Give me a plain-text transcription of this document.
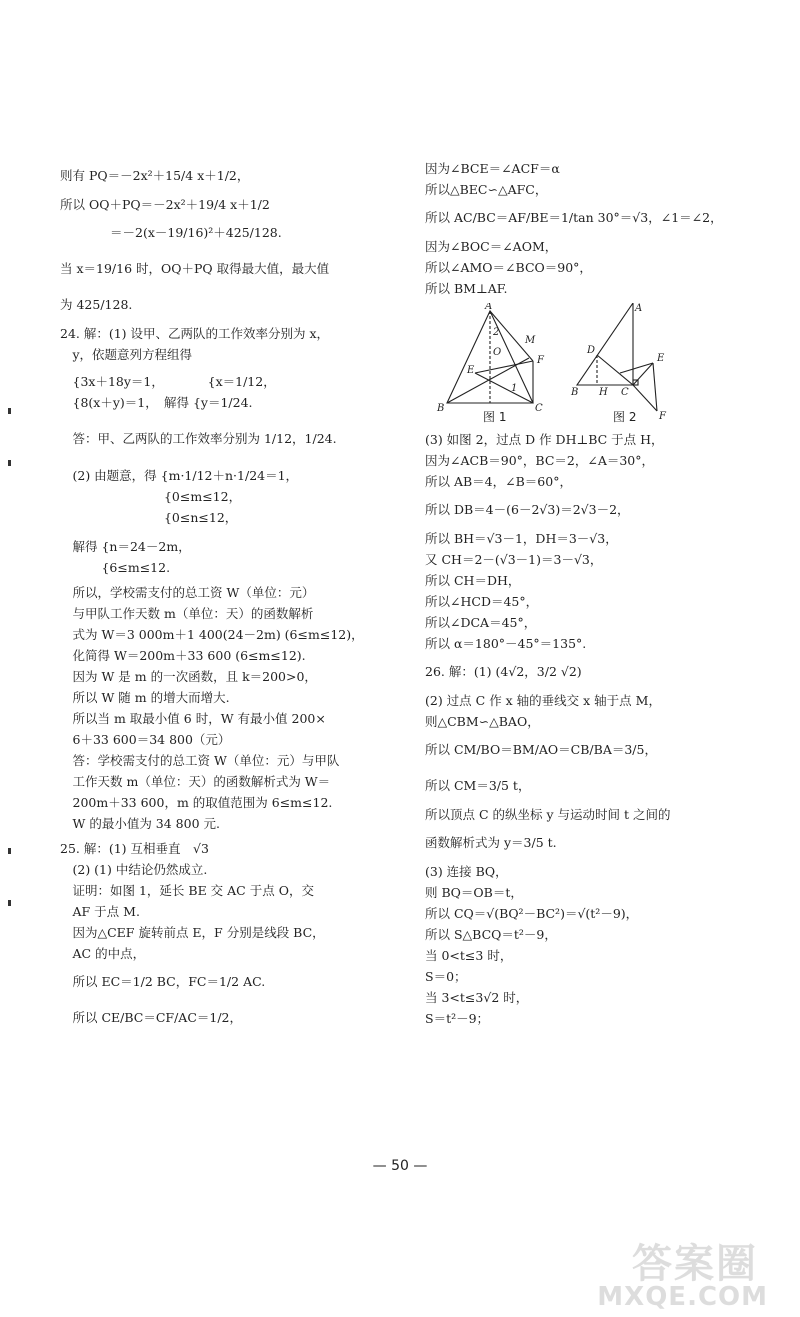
则有 PQ＝－2x²＋15/4 x＋1/2，
所以 OQ＋PQ＝－2x²＋19/4 x＋1/2
　　　　＝－2(x－19/16)²＋425/128.
当 x＝19/16 时，OQ＋PQ 取得最大值，最大值
为 425/128.
24. 解：(1) 设甲、乙两队的工作效率分别为 x，
　y，依题意列方程组得
　{3x＋18y＝1，　　　　{x＝1/12，
　{8(x＋y)＝1，　解得 {y＝1/24.
　答：甲、乙两队的工作效率分别为 1/12，1/24.
　(2) 由题意，得 {m·1/12＋n·1/24＝1，
　　　　　　　　 {0≤m≤12，
　　　　　　　　 {0≤n≤12，
　解得 {n＝24－2m，
　　　 {6≤m≤12.
　所以，学校需支付的总工资 W（单位：元）
　与甲队工作天数 m（单位：天）的函数解析
　式为 W＝3 000m＋1 400(24－2m) (6≤m≤12)，
　化简得 W＝200m＋33 600 (6≤m≤12).
　因为 W 是 m 的一次函数，且 k＝200>0，
　所以 W 随 m 的增大而增大.
　所以当 m 取最小值 6 时，W 有最小值 200×
　6＋33 600＝34 800（元）
　答：学校需支付的总工资 W（单位：元）与甲队
　工作天数 m（单位：天）的函数解析式为 W＝
　200m＋33 600，m 的取值范围为 6≤m≤12.
　W 的最小值为 34 800 元.
25. 解：(1) 互相垂直　√3
　(2) (1) 中结论仍然成立.
　证明：如图 1，延长 BE 交 AC 于点 O，交
　AF 于点 M.
　因为△CEF 旋转前点 E，F 分别是线段 BC，
　AC 的中点，
　所以 EC＝1/2 BC，FC＝1/2 AC.
　所以 CE/BC＝CF/AC＝1/2，
因为∠BCE＝∠ACF＝α
所以△BEC∽△AFC，
所以 AC/BC＝AF/BE＝1/tan 30°＝√3，∠1＝∠2，
因为∠BOC＝∠AOM，
所以∠AMO＝∠BCO＝90°，
所以 BM⊥AF.
A
B	C
E
F
M
O
2
1
A
B	C
D
E
F
H
图 1	图 2
(3) 如图 2，过点 D 作 DH⊥BC 于点 H，
因为∠ACB＝90°，BC＝2，∠A＝30°，
所以 AB＝4，∠B＝60°，
所以 DB＝4－(6－2√3)＝2√3－2，
所以 BH＝√3－1，DH＝3－√3，
又 CH＝2－(√3－1)＝3－√3，
所以 CH＝DH，
所以∠HCD＝45°，
所以∠DCA＝45°，
所以 α＝180°－45°＝135°.
26. 解：(1) (4√2，3/2 √2)
(2) 过点 C 作 x 轴的垂线交 x 轴于点 M，
则△CBM∽△BAO，
所以 CM/BO＝BM/AO＝CB/BA＝3/5，
所以 CM＝3/5 t，
所以顶点 C 的纵坐标 y 与运动时间 t 之间的
函数解析式为 y＝3/5 t.
(3) 连接 BQ，
则 BQ＝OB＝t，
所以 CQ＝√(BQ²－BC²)＝√(t²－9)，
所以 S△BCQ＝t²－9，
当 0<t≤3 时，
S＝0；
当 3<t≤3√2 时，
S＝t²－9；
— 50 —
答案圈
MXQE.COM
